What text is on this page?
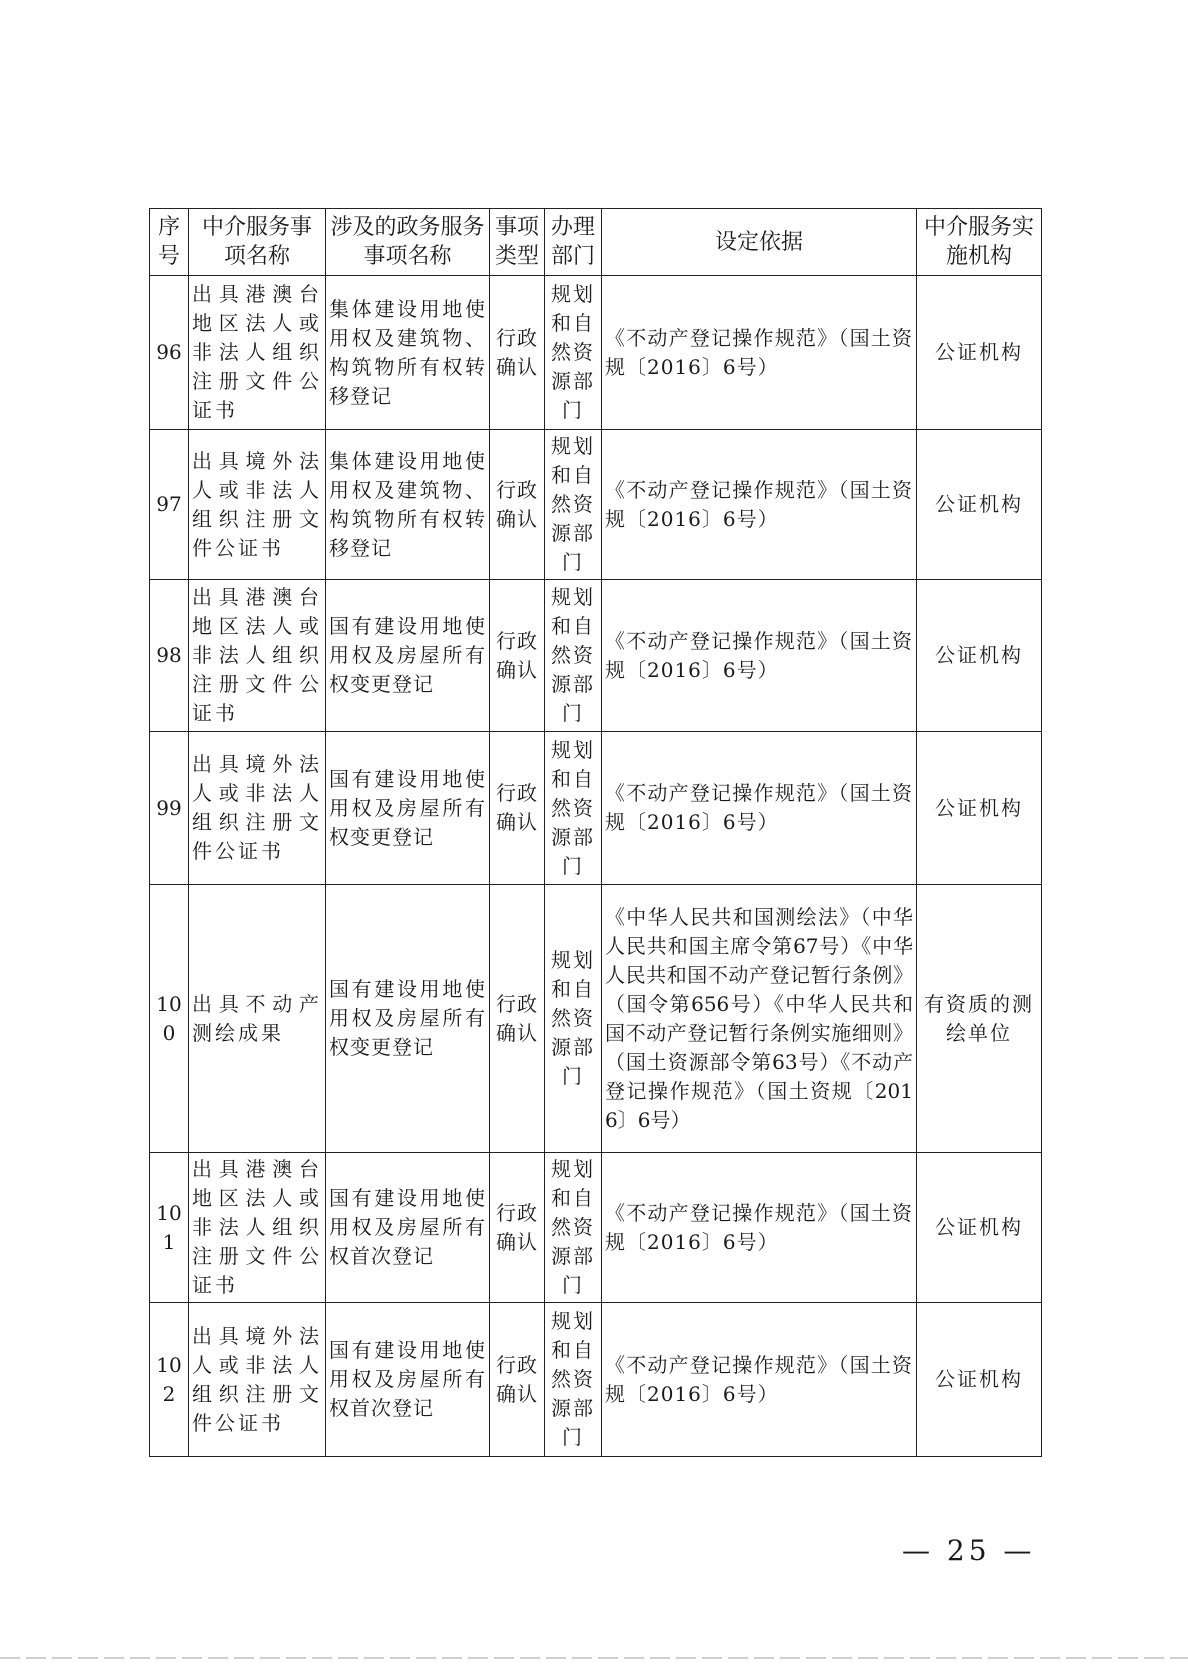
序号	中介服务事项名称	涉及的政务服务事项名称	事项类型	办理部门	设定依据	中介服务实施机构
96	出具港澳台地区法人或非法人组织注册文件公证书	集体建设用地使用权及建筑物、构筑物所有权转移登记	行政确认	规划和自然资源部门	《不动产登记操作规范》（国土资规〔2016〕6号）	公证机构
97	出具境外法人或非法人组织注册文件公证书	集体建设用地使用权及建筑物、构筑物所有权转移登记	行政确认	规划和自然资源部门	《不动产登记操作规范》（国土资规〔2016〕6号）	公证机构
98	出具港澳台地区法人或非法人组织注册文件公证书	国有建设用地使用权及房屋所有权变更登记	行政确认	规划和自然资源部门	《不动产登记操作规范》（国土资规〔2016〕6号）	公证机构
99	出具境外法人或非法人组织注册文件公证书	国有建设用地使用权及房屋所有权变更登记	行政确认	规划和自然资源部门	《不动产登记操作规范》（国土资规〔2016〕6号）	公证机构
100	出具不动产测绘成果	国有建设用地使用权及房屋所有权变更登记	行政确认	规划和自然资源部门	《中华人民共和国测绘法》（中华人民共和国主席令第67号）《中华人民共和国不动产登记暂行条例》（国令第656号）《中华人民共和国不动产登记暂行条例实施细则》（国土资源部令第63号）《不动产登记操作规范》（国土资规〔2016〕6号）	有资质的测绘单位
101	出具港澳台地区法人或非法人组织注册文件公证书	国有建设用地使用权及房屋所有权首次登记	行政确认	规划和自然资源部门	《不动产登记操作规范》（国土资规〔2016〕6号）	公证机构
102	出具境外法人或非法人组织注册文件公证书	国有建设用地使用权及房屋所有权首次登记	行政确认	规划和自然资源部门	《不动产登记操作规范》（国土资规〔2016〕6号）	公证机构
— 25 —
